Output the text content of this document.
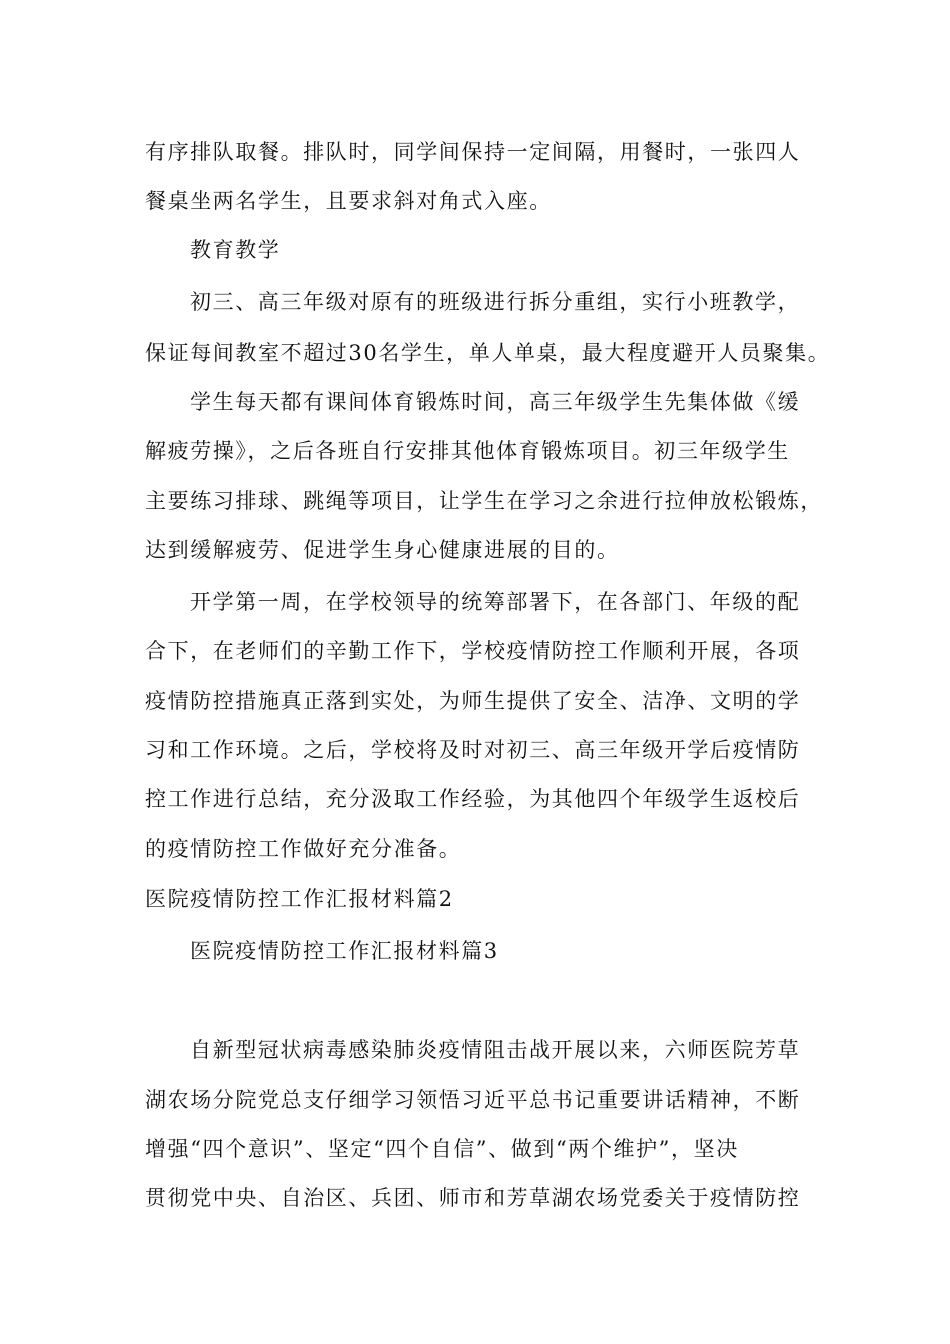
有序排队取餐。排队时，同学间保持一定间隔，用餐时，一张四人
餐桌坐两名学生，且要求斜对角式入座。
教育教学
初三、高三年级对原有的班级进行拆分重组，实行小班教学，
保证每间教室不超过30名学生，单人单桌，最大程度避开人员聚集。
学生每天都有课间体育锻炼时间，高三年级学生先集体做《缓
解疲劳操》，之后各班自行安排其他体育锻炼项目。初三年级学生
主要练习排球、跳绳等项目，让学生在学习之余进行拉伸放松锻炼，
达到缓解疲劳、促进学生身心健康进展的目的。
开学第一周，在学校领导的统筹部署下，在各部门、年级的配
合下，在老师们的辛勤工作下，学校疫情防控工作顺利开展，各项
疫情防控措施真正落到实处，为师生提供了安全、洁净、文明的学
习和工作环境。之后，学校将及时对初三、高三年级开学后疫情防
控工作进行总结，充分汲取工作经验，为其他四个年级学生返校后
的疫情防控工作做好充分准备。
医院疫情防控工作汇报材料篇2
医院疫情防控工作汇报材料篇3
自新型冠状病毒感染肺炎疫情阻击战开展以来，六师医院芳草
湖农场分院党总支仔细学习领悟习近平总书记重要讲话精神，不断
增强“四个意识”、坚定“四个自信”、做到“两个维护”，坚决
贯彻党中央、自治区、兵团、师市和芳草湖农场党委关于疫情防控
